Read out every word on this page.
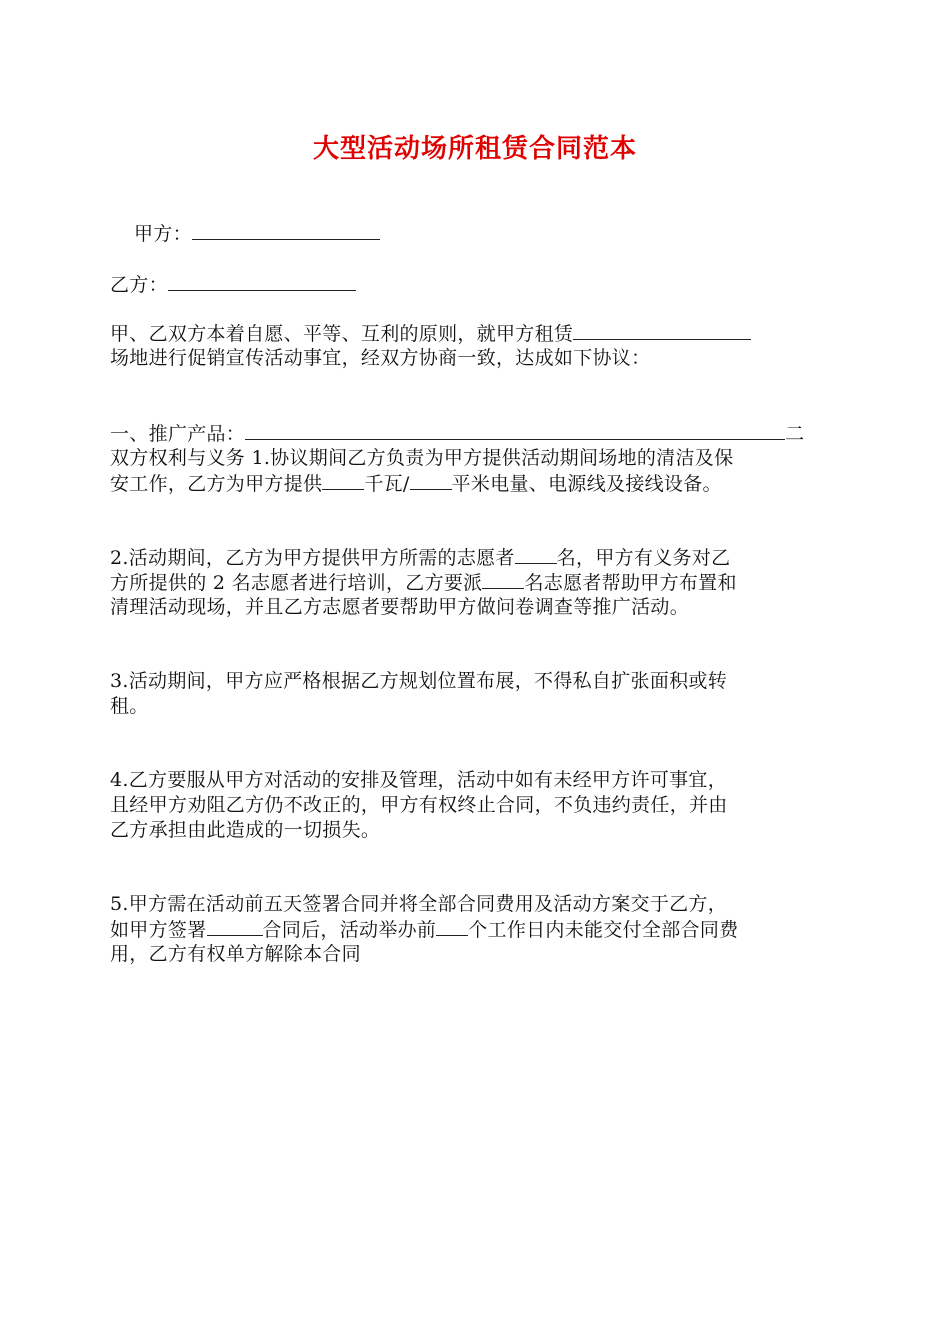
大型活动场所租赁合同范本
甲方：
乙方：
甲、乙双方本着自愿、平等、互利的原则，就甲方租赁
场地进行促销宣传活动事宜，经双方协商一致，达成如下协议：
一、推广产品：	二
双方权利与义务 1.协议期间乙方负责为甲方提供活动期间场地的清洁及保
安工作，乙方为甲方提供 千瓦/ 平米电量、电源线及接线设备。
2.活动期间，乙方为甲方提供甲方所需的志愿者 名，甲方有义务对乙
方所提供的 2 名志愿者进行培训，乙方要派 名志愿者帮助甲方布置和
清理活动现场，并且乙方志愿者要帮助甲方做问卷调查等推广活动。
3.活动期间，甲方应严格根据乙方规划位置布展，不得私自扩张面积或转
租。
4.乙方要服从甲方对活动的安排及管理，活动中如有未经甲方许可事宜，
且经甲方劝阻乙方仍不改正的，甲方有权终止合同，不负违约责任，并由
乙方承担由此造成的一切损失。
5.甲方需在活动前五天签署合同并将全部合同费用及活动方案交于乙方，
如甲方签署	合同后，活动举办前 个工作日内未能交付全部合同费
用，乙方有权单方解除本合同
